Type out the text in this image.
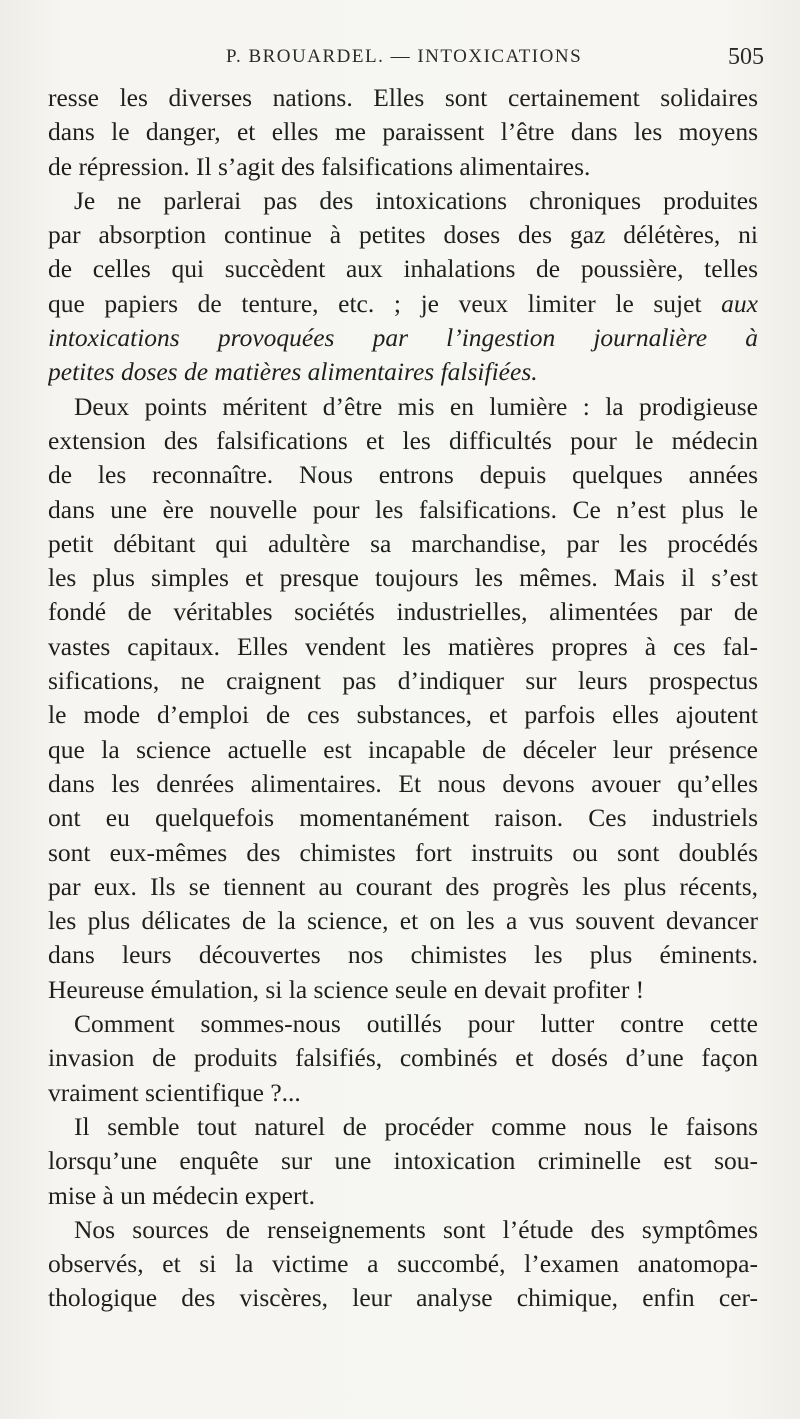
P. BROUARDEL. — INTOXICATIONS	505
resse les diverses nations. Elles sont certainement solidaires
dans le danger, et elles me paraissent l’être dans les moyens
de répression. Il s’agit des falsifications alimentaires.
Je ne parlerai pas des intoxications chroniques produites
par absorption continue à petites doses des gaz délétères, ni
de celles qui succèdent aux inhalations de poussière, telles
que papiers de tenture, etc. ; je veux limiter le sujet aux
intoxications provoquées par l’ingestion journalière à
petites doses de matières alimentaires falsifiées.
Deux points méritent d’être mis en lumière : la prodigieuse
extension des falsifications et les difficultés pour le médecin
de les reconnaître. Nous entrons depuis quelques années
dans une ère nouvelle pour les falsifications. Ce n’est plus le
petit débitant qui adultère sa marchandise, par les procédés
les plus simples et presque toujours les mêmes. Mais il s’est
fondé de véritables sociétés industrielles, alimentées par de
vastes capitaux. Elles vendent les matières propres à ces fal-
sifications, ne craignent pas d’indiquer sur leurs prospectus
le mode d’emploi de ces substances, et parfois elles ajoutent
que la science actuelle est incapable de déceler leur présence
dans les denrées alimentaires. Et nous devons avouer qu’elles
ont eu quelquefois momentanément raison. Ces industriels
sont eux-mêmes des chimistes fort instruits ou sont doublés
par eux. Ils se tiennent au courant des progrès les plus récents,
les plus délicates de la science, et on les a vus souvent devancer
dans leurs découvertes nos chimistes les plus éminents.
Heureuse émulation, si la science seule en devait profiter !
Comment sommes-nous outillés pour lutter contre cette
invasion de produits falsifiés, combinés et dosés d’une façon
vraiment scientifique ?...
Il semble tout naturel de procéder comme nous le faisons
lorsqu’une enquête sur une intoxication criminelle est sou-
mise à un médecin expert.
Nos sources de renseignements sont l’étude des symptômes
observés, et si la victime a succombé, l’examen anatomopa-
thologique des viscères, leur analyse chimique, enfin cer-
